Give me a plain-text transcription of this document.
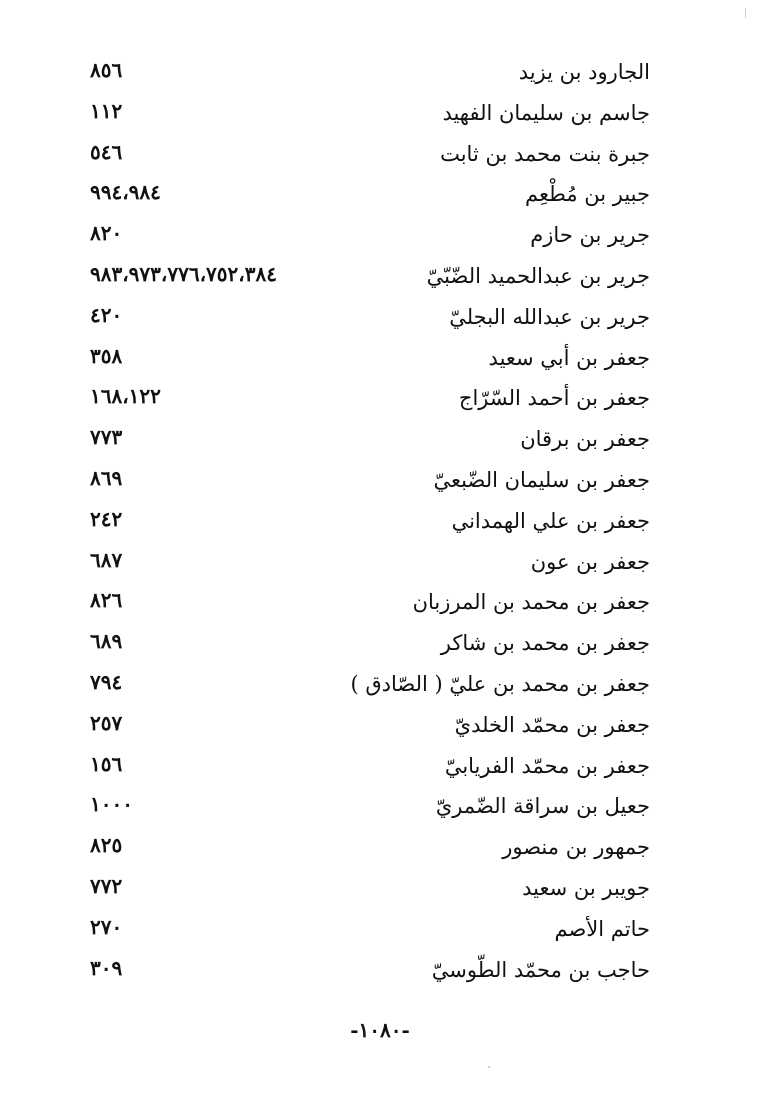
الجارود بن يزيد
٨٥٦
جاسم بن سليمان الفهيد
١١٢
جبرة بنت محمد بن ثابت
٥٤٦
جبير بن مُطْعِم
٩٩٤،٩٨٤
جرير بن حازم
٨٢٠
جرير بن عبدالحميد الضّبّيّ
٩٨٣،٩٧٣،٧٧٦،٧٥٢،٣٨٤
جرير بن عبدالله البجليّ
٤٢٠
جعفر بن أبي سعيد
٣٥٨
جعفر بن أحمد السّرّاج
١٦٨،١٢٢
جعفر بن برقان
٧٧٣
جعفر بن سليمان الضّبعيّ
٨٦٩
جعفر بن علي الهمداني
٢٤٢
جعفر بن عون
٦٨٧
جعفر بن محمد بن المرزبان
٨٢٦
جعفر بن محمد بن شاكر
٦٨٩
جعفر بن محمد بن عليّ ( الصّادق )
٧٩٤
جعفر بن محمّد الخلديّ
٢٥٧
جعفر بن محمّد الفريابيّ
١٥٦
جعيل بن سراقة الضّمريّ
١٠٠٠
جمهور بن منصور
٨٢٥
جويبر بن سعيد
٧٧٢
حاتم الأصم
٢٧٠
حاجب بن محمّد الطّوسيّ
٣٠٩
-١٠٨٠-
